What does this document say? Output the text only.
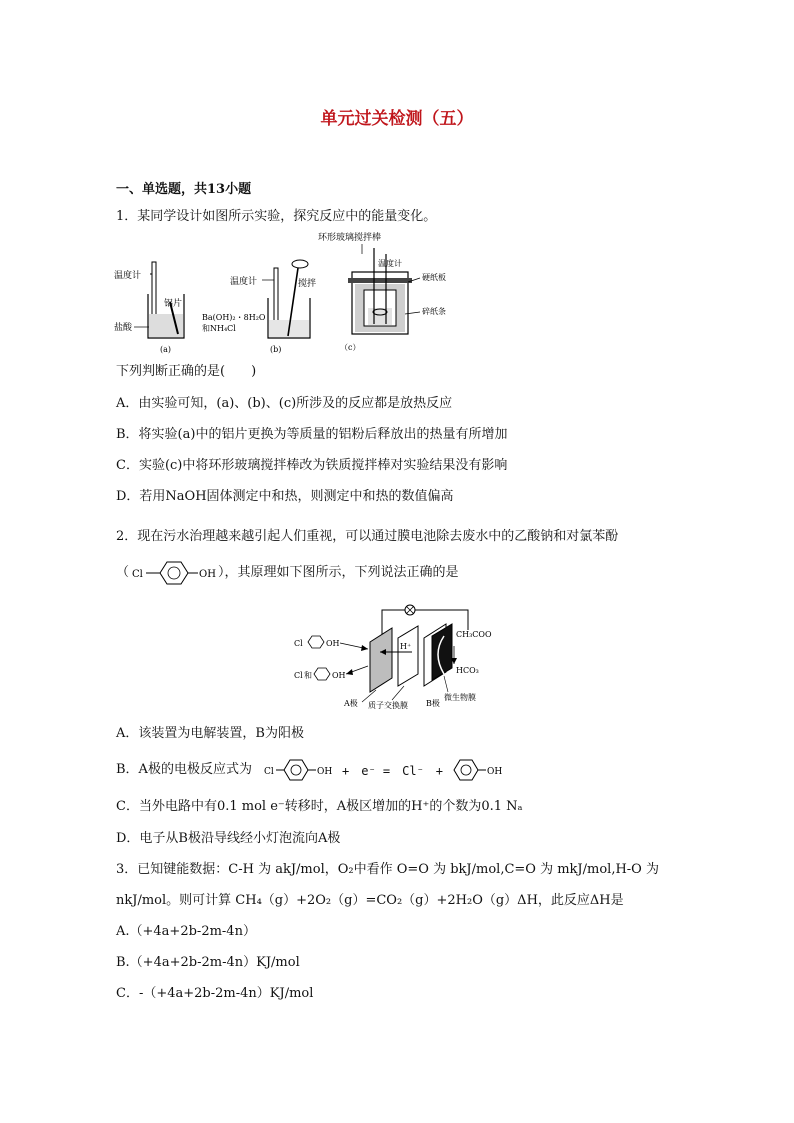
单元过关检测（五）
一、单选题，共13小题
1．某同学设计如图所示实验，探究反应中的能量变化。
温度计
铝片
盐酸
(a)
温度计	搅拌
Ba(OH)₂・8H₂O
和NH₄Cl
(b)
环形玻璃搅拌棒
温度计
硬纸板
碎纸条
（c）
下列判断正确的是(　　)
A．由实验可知，(a)、(b)、(c)所涉及的反应都是放热反应
B．将实验(a)中的铝片更换为等质量的铝粉后释放出的热量有所增加
C．实验(c)中将环形玻璃搅拌棒改为铁质搅拌棒对实验结果没有影响
D．若用NaOH固体测定中和热，则测定中和热的数值偏高
2．现在污水治理越来越引起人们重视，可以通过膜电池除去废水中的乙酸钠和对氯苯酚
（ Cl	OH ），其原理如下图所示，下列说法正确的是
H⁺
Cl	OH
Cl 和	OH
CH₃COO
HCO₃
A极 质子交换膜 B极
微生物膜
A．该装置为电解装置，B为阳极
B．A极的电极反应式为 Cl	OH +　e⁻ =　Cl⁻　+	OH
C．当外电路中有0.1 mol e⁻转移时，A极区增加的H⁺的个数为0.1 Nₐ
D．电子从B极沿导线经小灯泡流向A极
3．已知键能数据：C-H 为 akJ/mol，O₂中看作 O=O 为 bkJ/mol,C=O 为 mkJ/mol,H-O 为
nkJ/mol。则可计算 CH₄（g）+2O₂（g）=CO₂（g）+2H₂O（g）ΔH，此反应ΔH是
A.（+4a+2b-2m-4n）
B.（+4a+2b-2m-4n）KJ/mol
C．-（+4a+2b-2m-4n）KJ/mol
